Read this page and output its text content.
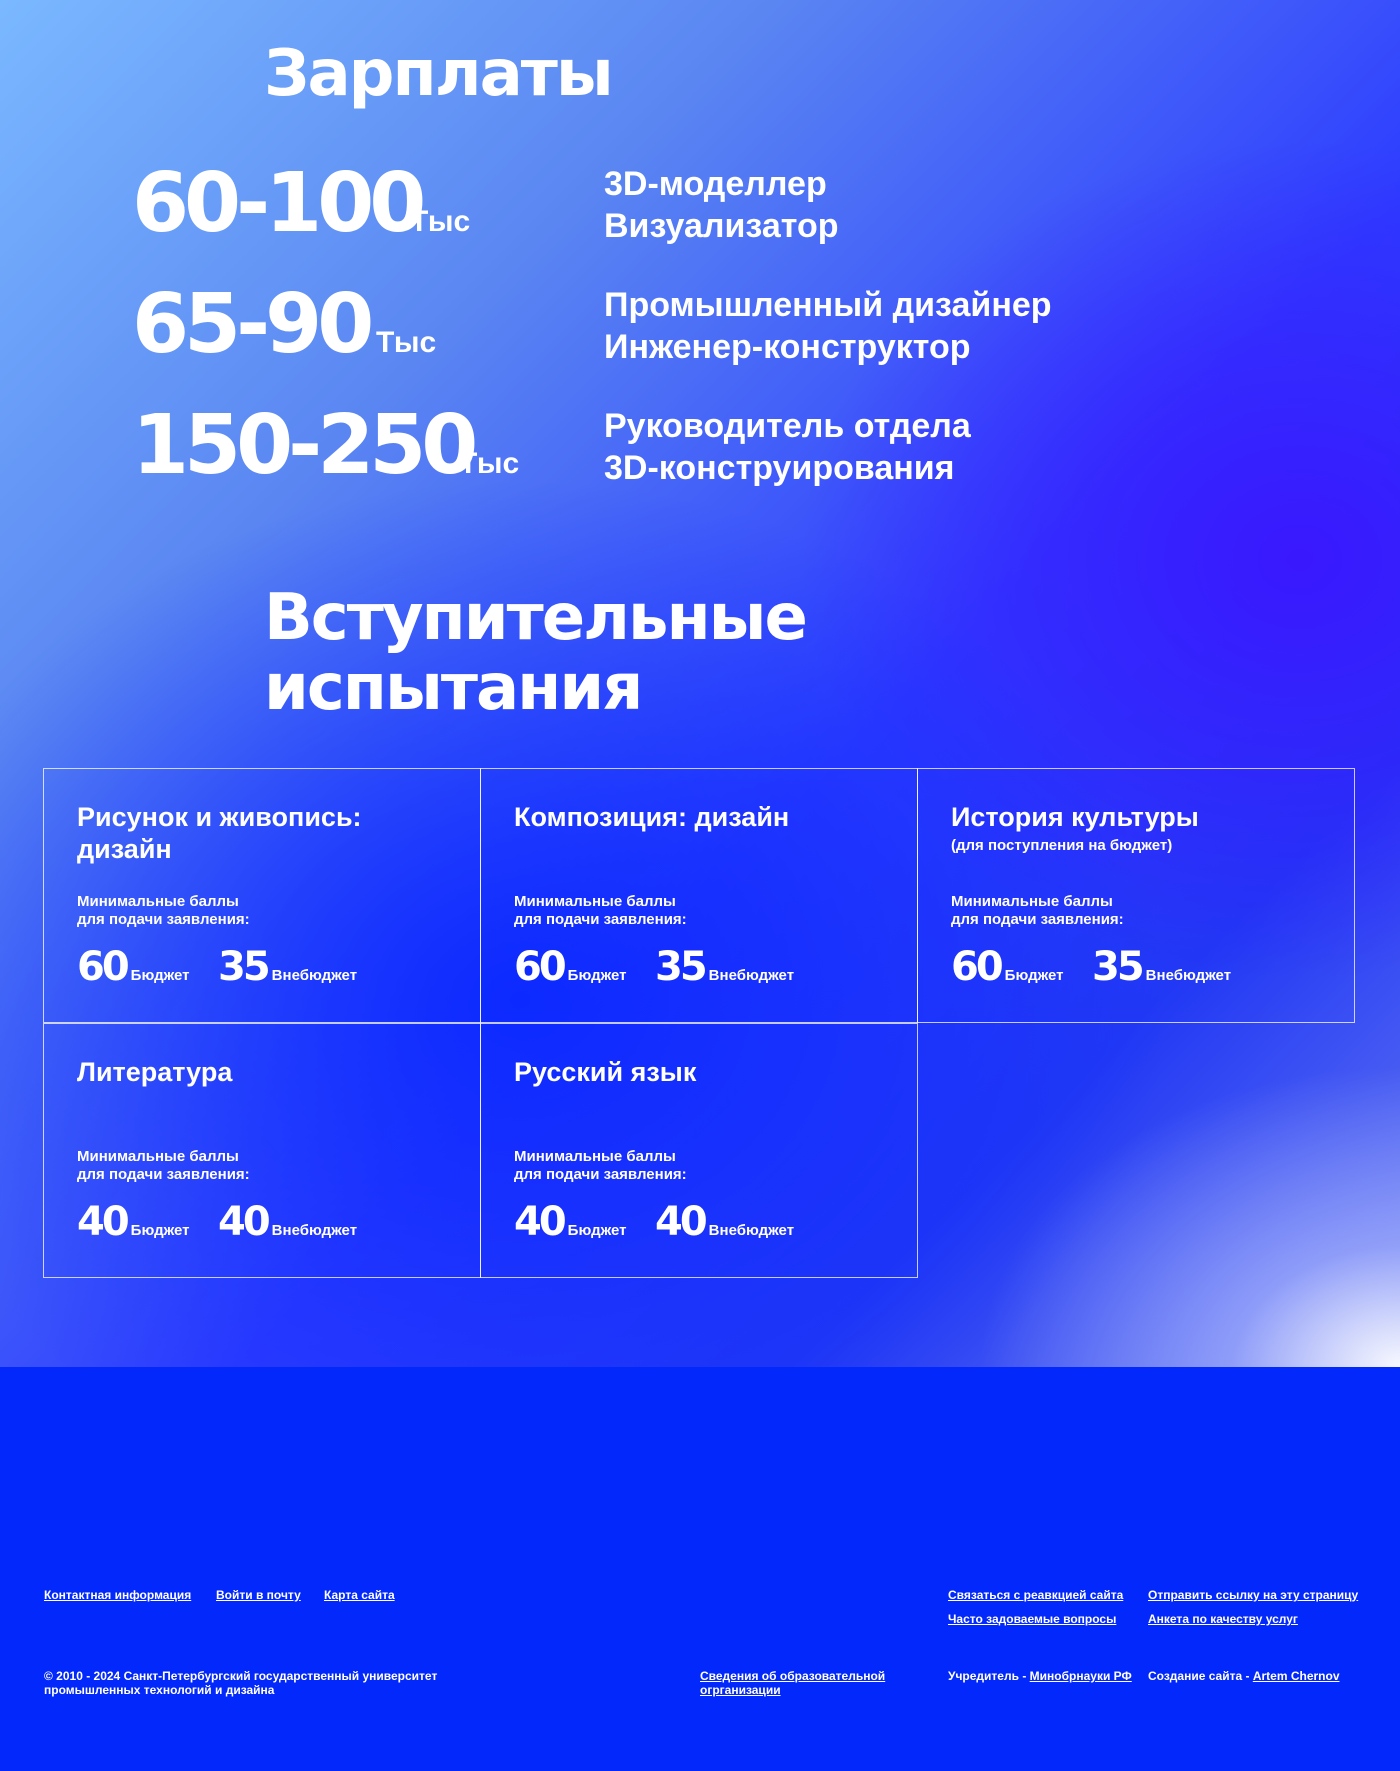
Зарплаты
60-100
Тыс
3D-моделлер
Визуализатор
65-90 Тыс
Промышленный дизайнер
Инженер-конструктор
150-250
Тыс
Руководитель отдела
3D-конструирования
Вступительные
испытания
Рисунок и живопись: дизайн
Минимальные баллы
для подачи заявления:
60 Бюджет 35 Внебюджет
Композиция: дизайн
Минимальные баллы
для подачи заявления:
60 Бюджет 35 Внебюджет
История культуры
(для поступления на бюджет)
Минимальные баллы
для подачи заявления:
60 Бюджет 35 Внебюджет
Литература
Минимальные баллы
для подачи заявления:
40 Бюджет 40 Внебюджет
Русский язык
Минимальные баллы
для подачи заявления:
40 Бюджет 40 Внебюджет
Контактная информация Войти в почту Карта сайта	Связаться с реавкцией сайта Отправить ссылку на эту страницу
Часто задоваемые вопросы	Анкета по качеству услуг
© 2010 - 2024 Санкт-Петербургский государственный университет
промышленных технологий и дизайна
Сведения об образовательной
огрганизации
Учредитель - Минобрнауки РФ Создание сайта - Artem Chernov
